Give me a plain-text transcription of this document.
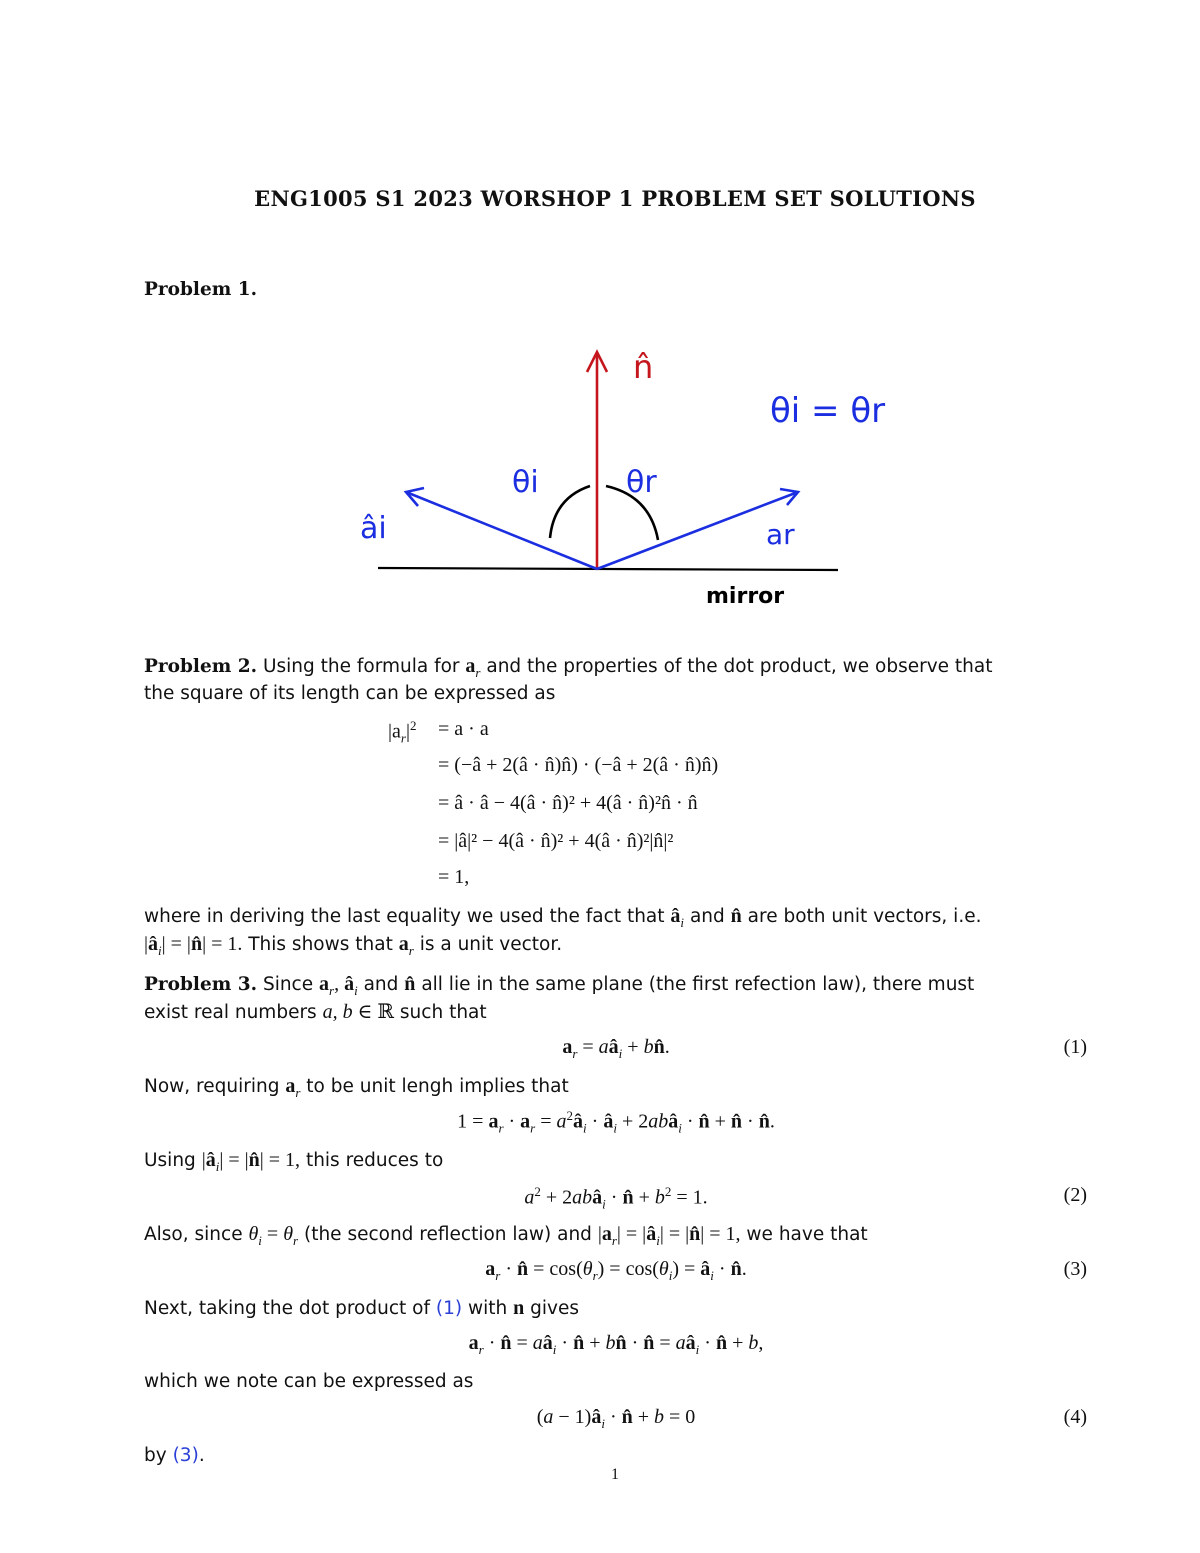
ENG1005 S1 2023 WORSHOP 1 PROBLEM SET SOLUTIONS
Problem 1.
n̂
θi = θr
θi	θr
âi	ar
mirror
Problem 2. Using the formula for $a_r$ and the properties of the dot product, we observe that
the square of its length can be expressed as
$|a_r|^2 = a \cdot a$
= (−â + 2(â · n̂)n̂) · (−â + 2(â · n̂)n̂)
= â · â − 4(â · n̂)² + 4(â · n̂)²n̂ · n̂
= |â|² − 4(â · n̂)² + 4(â · n̂)²|n̂|²
= 1,
where in deriving the last equality we used the fact that $â_i$ and n̂ are both unit vectors, i.e.
$|â_i|$ = |n̂| = 1. This shows that $a_r$ is a unit vector.
Problem 3. Since $a_r$, $â_i$ and n̂ all lie in the same plane (the first refection law), there must
exist real numbers a, b ∈ ℝ such that
$a_r$ = $aâ_i$ + bn̂.	(1)
Now, requiring $a_r$ to be unit lengh implies that
$1 = a_r \cdot a_r$ = $a^2â_i$ · $â_i$ + 2abâ$_i$ · n̂ + n̂ · n̂.
Using $|â_i|$ = |n̂| = 1, this reduces to
$a^2$ + 2abâ$_i$ · n̂ + $b^2 = 1$.	(2)
Also, since $\theta_i = \theta_r$ (the second reflection law) and $|a_r|$ = $|â_i|$ = |n̂| = 1, we have that
$a_r$ · n̂ = $\cos(\theta_r) = \cos(\theta_i)$ = $â_i$ · n̂.	(3)
Next, taking the dot product of (1) with n gives
$a_r$ · n̂ = $aâ_i$ · n̂ + bn̂ · n̂ = $aâ_i$ · n̂ + b,
which we note can be expressed as
$(a - 1)â_i$ · n̂ + b = 0	(4)
by (3).
1
